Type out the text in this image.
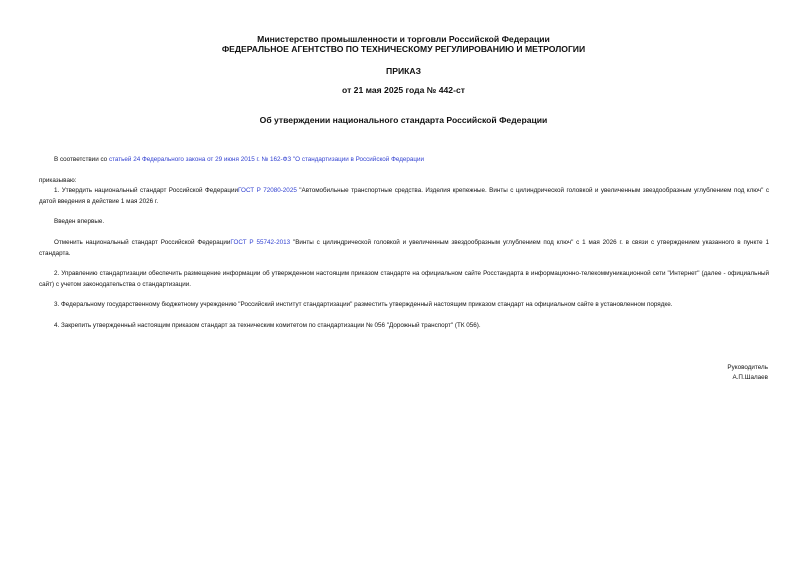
Министерство промышленности и торговли Российской Федерации
ФЕДЕРАЛЬНОЕ АГЕНТСТВО ПО ТЕХНИЧЕСКОМУ РЕГУЛИРОВАНИЮ И МЕТРОЛОГИИ
ПРИКАЗ
от 21 мая 2025 года № 442-ст
Об утверждении национального стандарта Российской Федерации
В соответствии со статьей 24 Федерального закона от 29 июня 2015 г. № 162-ФЗ "О стандартизации в Российской Федерации
приказываю:
1. Утвердить национальный стандарт Российской ФедерацииГОСТ Р 72080-2025 "Автомобильные транспортные средства. Изделия крепежные. Винты с цилиндрической головкой и увеличенным звездообразным углублением под ключ" с датой введения в действие 1 мая 2026 г.
Введен впервые.
Отменить национальный стандарт Российской ФедерацииГОСТ Р 55742-2013 "Винты с цилиндрической головкой и увеличенным звездообразным углублением под ключ" с 1 мая 2026 г. в связи с утверждением указанного в пункте 1 стандарта.
2. Управлению стандартизации обеспечить размещение информации об утвержденном настоящим приказом стандарте на официальном сайте Росстандарта в информационно-телекоммуникационной сети "Интернет" (далее - официальный сайт) с учетом законодательства о стандартизации.
3. Федеральному государственному бюджетному учреждению "Российский институт стандартизации" разместить утвержденный настоящим приказом стандарт на официальном сайте в установленном порядке.
4. Закрепить утвержденный настоящим приказом стандарт за техническим комитетом по стандартизации № 056 "Дорожный транспорт" (ТК 056).
Руководитель
А.П.Шалаев
